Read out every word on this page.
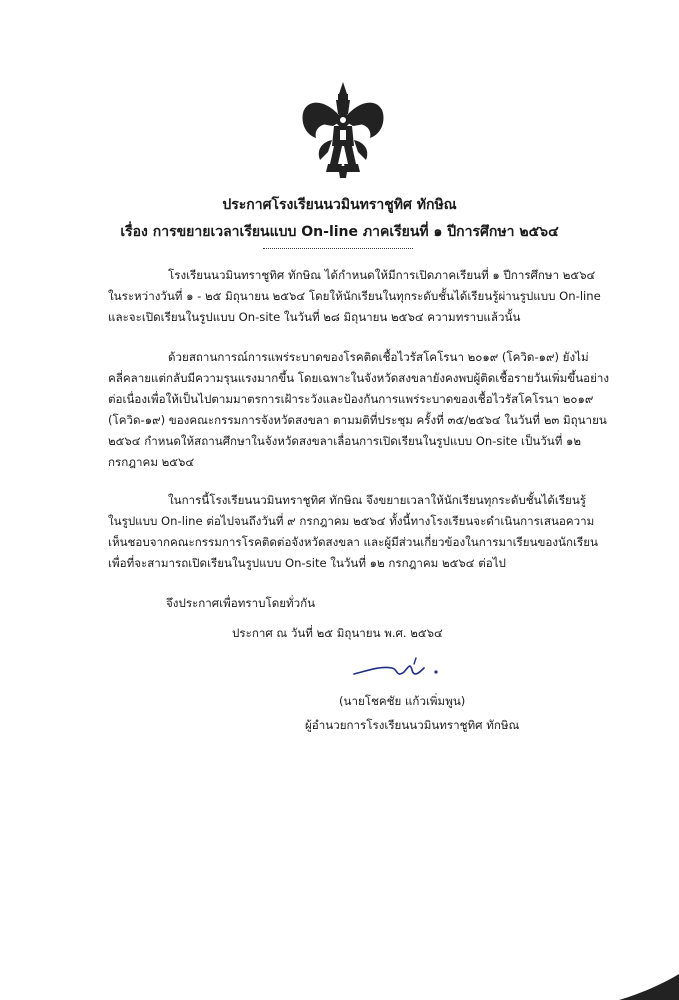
ประกาศโรงเรียนนวมินทราชูทิศ ทักษิณ
เรื่อง การขยายเวลาเรียนแบบ On-line ภาคเรียนที่ ๑ ปีการศึกษา ๒๕๖๔
โรงเรียนนวมินทราชูทิศ ทักษิณ ได้กำหนดให้มีการเปิดภาคเรียนที่ ๑ ปีการศึกษา ๒๕๖๔
ในระหว่างวันที่ ๑ - ๒๕ มิถุนายน ๒๕๖๔ โดยให้นักเรียนในทุกระดับชั้นได้เรียนรู้ผ่านรูปแบบ On-line
และจะเปิดเรียนในรูปแบบ On-site ในวันที่ ๒๘ มิถุนายน ๒๕๖๔ ความทราบแล้วนั้น
ด้วยสถานการณ์การแพร่ระบาดของโรคติดเชื้อไวรัสโคโรนา ๒๐๑๙ (โควิด-๑๙) ยังไม่
คลี่คลายแต่กลับมีความรุนแรงมากขึ้น โดยเฉพาะในจังหวัดสงขลายังคงพบผู้ติดเชื้อรายวันเพิ่มขึ้นอย่าง
ต่อเนื่องเพื่อให้เป็นไปตามมาตรการเฝ้าระวังและป้องกันการแพร่ระบาดของเชื้อไวรัสโคโรนา ๒๐๑๙
(โควิด-๑๙) ของคณะกรรมการจังหวัดสงขลา ตามมติที่ประชุม ครั้งที่ ๓๕/๒๕๖๔ ในวันที่ ๒๓ มิถุนายน
๒๕๖๔ กำหนดให้สถานศึกษาในจังหวัดสงขลาเลื่อนการเปิดเรียนในรูปแบบ On-site เป็นวันที่ ๑๒
กรกฎาคม ๒๕๖๔
ในการนี้โรงเรียนนวมินทราชูทิศ ทักษิณ จึงขยายเวลาให้นักเรียนทุกระดับชั้นได้เรียนรู้
ในรูปแบบ On-line ต่อไปจนถึงวันที่ ๙ กรกฎาคม ๒๕๖๔ ทั้งนี้ทางโรงเรียนจะดำเนินการเสนอความ
เห็นชอบจากคณะกรรมการโรคติดต่อจังหวัดสงขลา และผู้มีส่วนเกี่ยวข้องในการมาเรียนของนักเรียน
เพื่อที่จะสามารถเปิดเรียนในรูปแบบ On-site ในวันที่ ๑๒ กรกฎาคม ๒๕๖๔ ต่อไป
จึงประกาศเพื่อทราบโดยทั่วกัน
ประกาศ ณ วันที่ ๒๕ มิถุนายน พ.ศ. ๒๕๖๔
(นายโชคชัย แก้วเพิ่มพูน)
ผู้อำนวยการโรงเรียนนวมินทราชูทิศ ทักษิณ
